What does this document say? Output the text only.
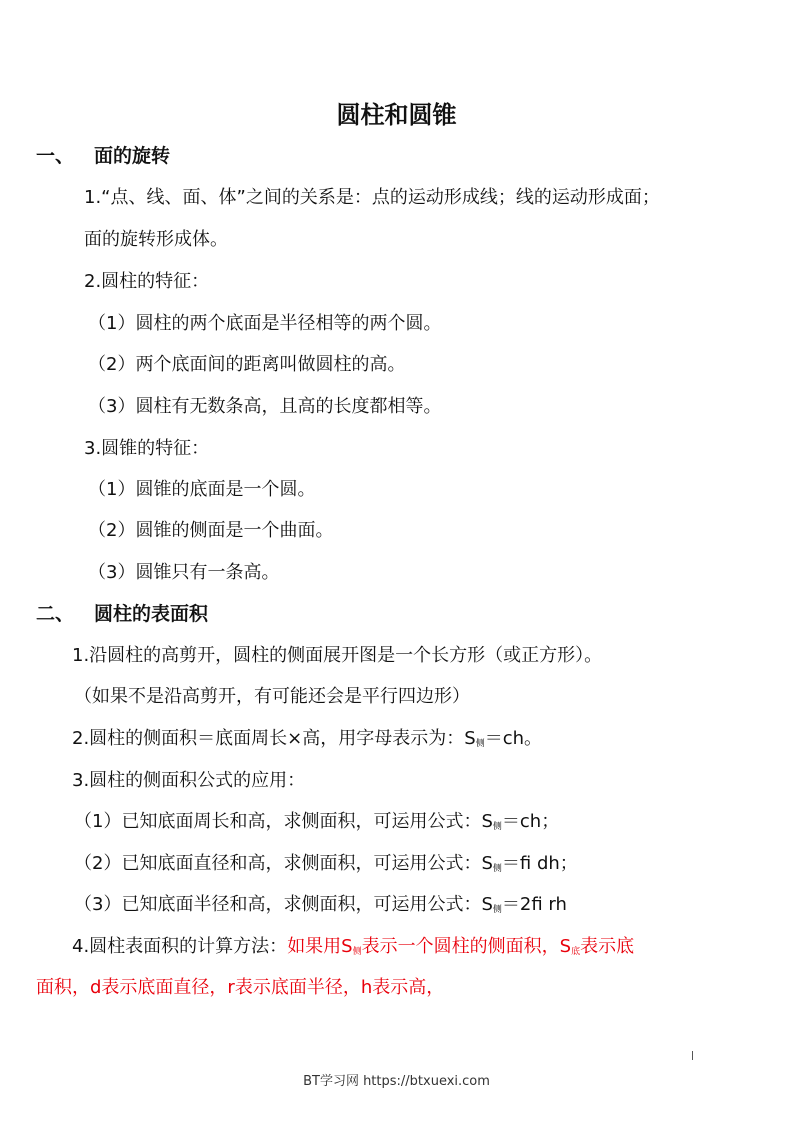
圆柱和圆锥
一、 面的旋转
1.“点、线、面、体”之间的关系是：点的运动形成线；线的运动形成面；
面的旋转形成体。
2.圆柱的特征：
（1）圆柱的两个底面是半径相等的两个圆。
（2）两个底面间的距离叫做圆柱的高。
（3）圆柱有无数条高，且高的长度都相等。
3.圆锥的特征：
（1）圆锥的底面是一个圆。
（2）圆锥的侧面是一个曲面。
（3）圆锥只有一条高。
二、 圆柱的表面积
1.沿圆柱的高剪开，圆柱的侧面展开图是一个长方形（或正方形）。
（如果不是沿高剪开，有可能还会是平行四边形）
2.圆柱的侧面积＝底面周长×高，用字母表示为：$S_侧=ch$。
3.圆柱的侧面积公式的应用：
（1）已知底面周长和高，求侧面积，可运用公式：$S_侧=ch$；
（2）已知底面直径和高，求侧面积，可运用公式：$S_侧=ﬁ$ dh；
（3）已知底面半径和高，求侧面积，可运用公式：$S_侧=2ﬁ$ rh
4.圆柱表面积的计算方法：如果用$S_侧$表示一个圆柱的侧面积，$S_底$表示底
面积，d表示底面直径，r表示底面半径，h表示高，
BT学习网 https://btxuexi.com
